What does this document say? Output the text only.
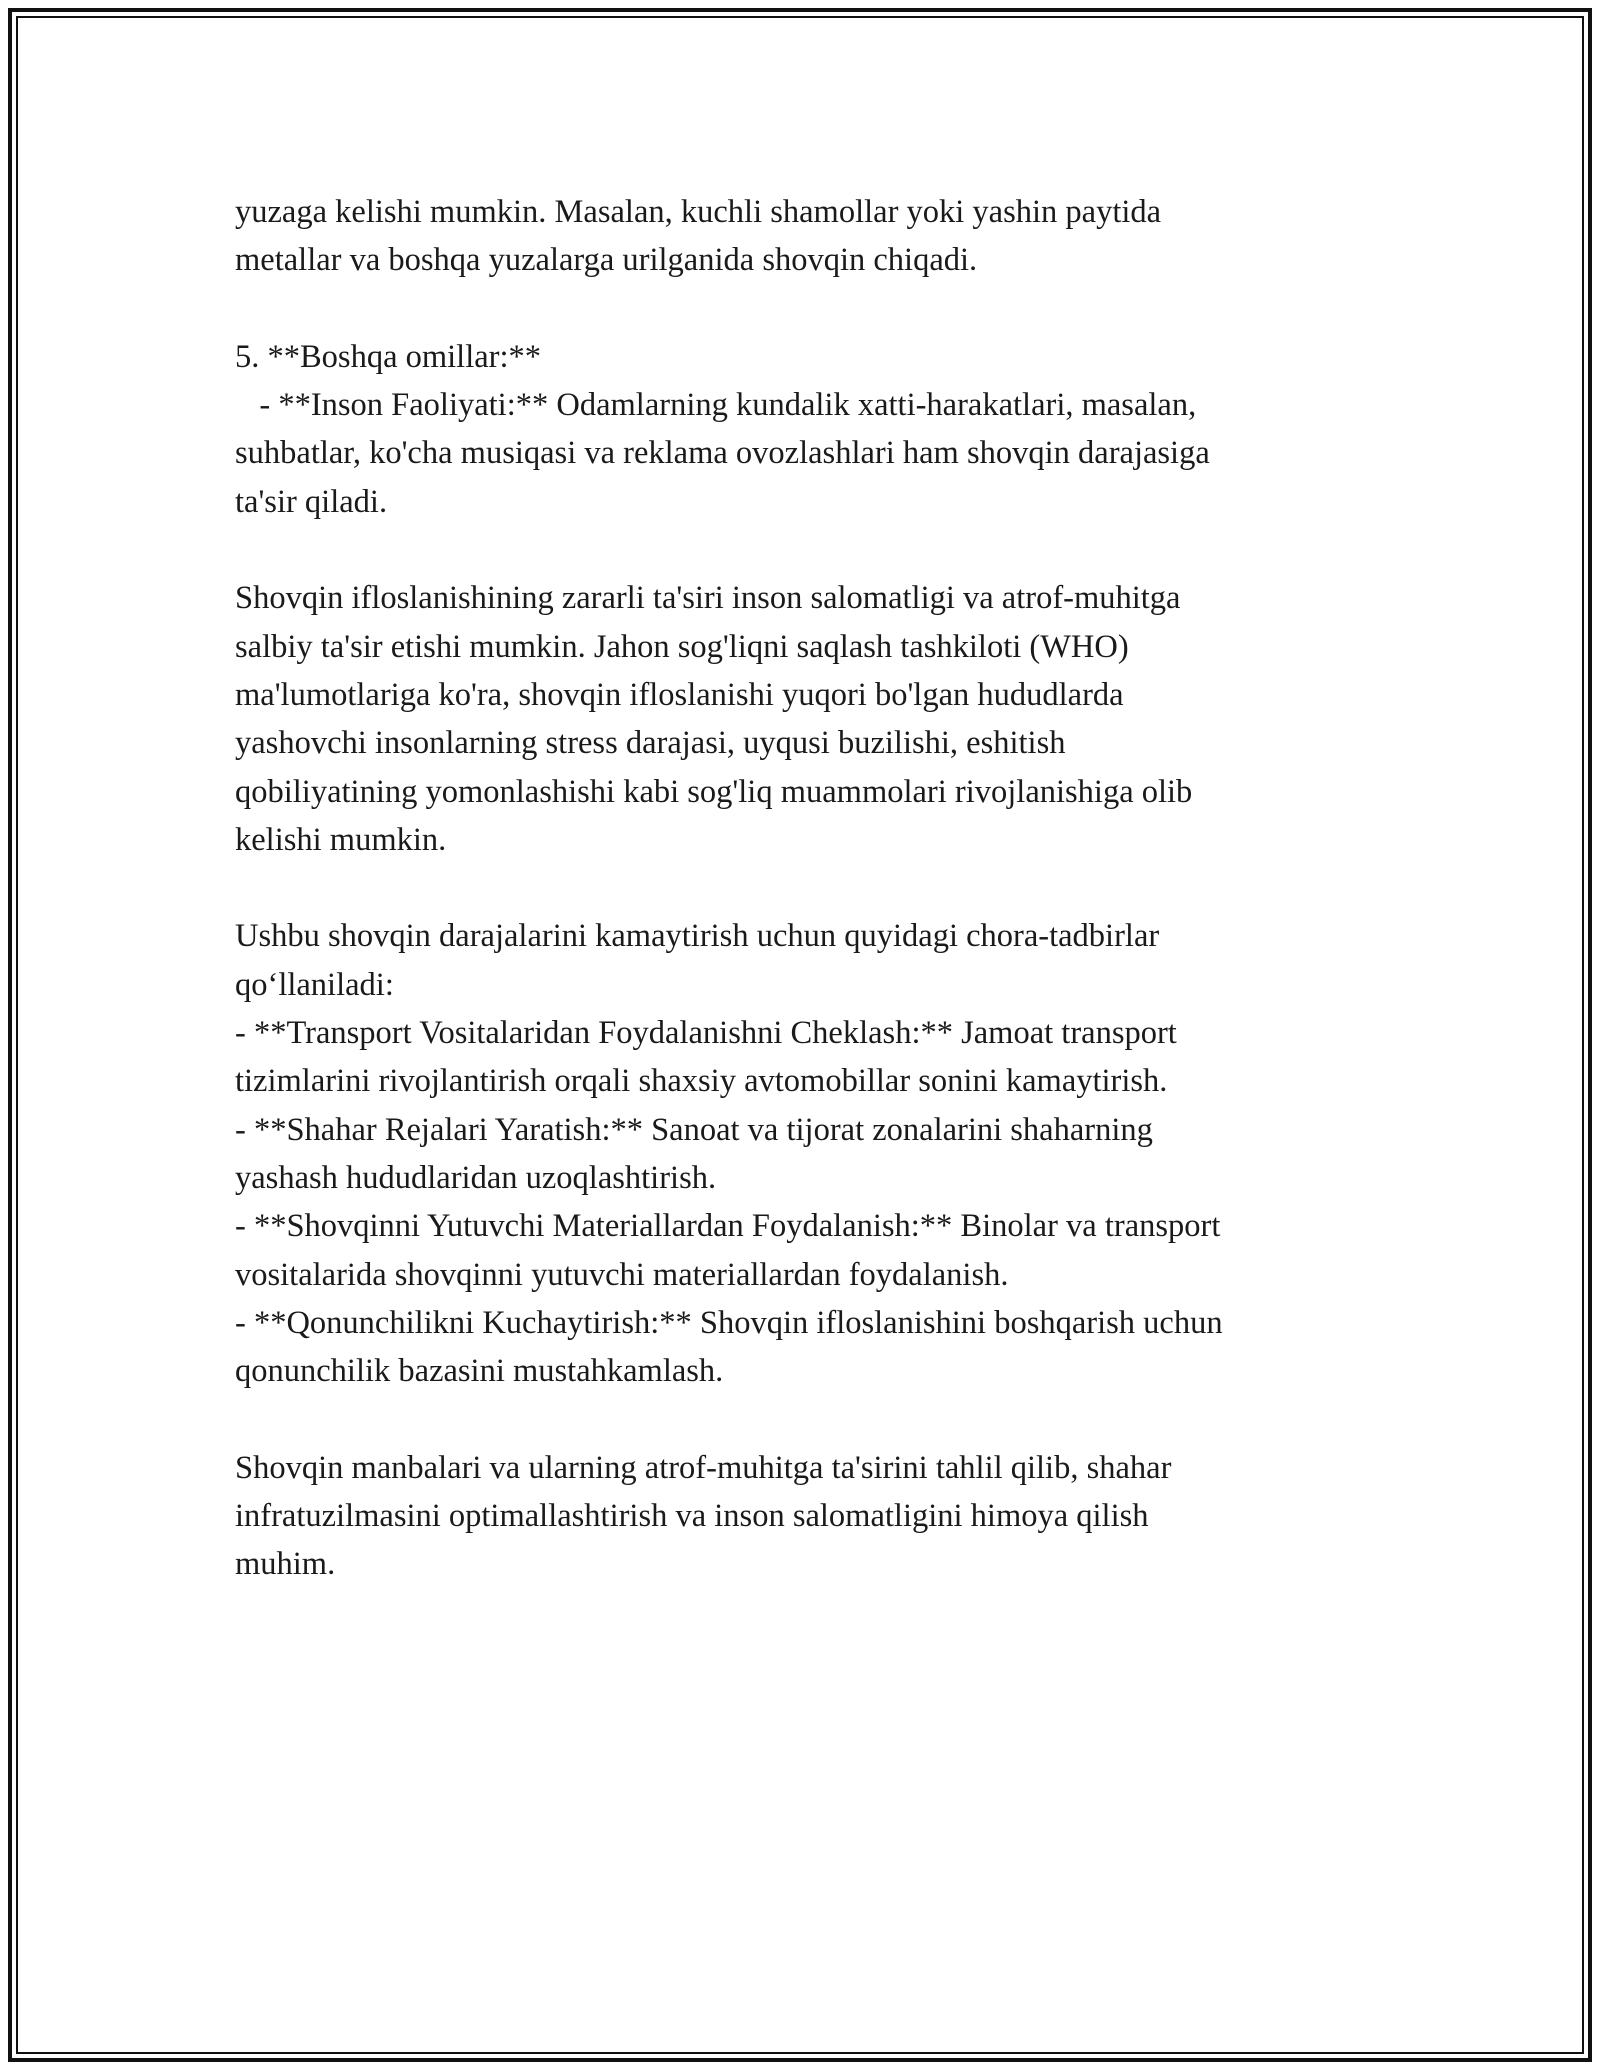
yuzaga kelishi mumkin. Masalan, kuchli shamollar yoki yashin paytida
metallar va boshqa yuzalarga urilganida shovqin chiqadi.
5. **Boshqa omillar:**
- **Inson Faoliyati:** Odamlarning kundalik xatti-harakatlari, masalan,
suhbatlar, ko'cha musiqasi va reklama ovozlashlari ham shovqin darajasiga
ta'sir qiladi.
Shovqin ifloslanishining zararli ta'siri inson salomatligi va atrof-muhitga
salbiy ta'sir etishi mumkin. Jahon sog'liqni saqlash tashkiloti (WHO)
ma'lumotlariga ko'ra, shovqin ifloslanishi yuqori bo'lgan hududlarda
yashovchi insonlarning stress darajasi, uyqusi buzilishi, eshitish
qobiliyatining yomonlashishi kabi sog'liq muammolari rivojlanishiga olib
kelishi mumkin.
Ushbu shovqin darajalarini kamaytirish uchun quyidagi chora-tadbirlar
qo‘llaniladi:
- **Transport Vositalaridan Foydalanishni Cheklash:** Jamoat transport
tizimlarini rivojlantirish orqali shaxsiy avtomobillar sonini kamaytirish.
- **Shahar Rejalari Yaratish:** Sanoat va tijorat zonalarini shaharning
yashash hududlaridan uzoqlashtirish.
- **Shovqinni Yutuvchi Materiallardan Foydalanish:** Binolar va transport
vositalarida shovqinni yutuvchi materiallardan foydalanish.
- **Qonunchilikni Kuchaytirish:** Shovqin ifloslanishini boshqarish uchun
qonunchilik bazasini mustahkamlash.
Shovqin manbalari va ularning atrof-muhitga ta'sirini tahlil qilib, shahar
infratuzilmasini optimallashtirish va inson salomatligini himoya qilish
muhim.
